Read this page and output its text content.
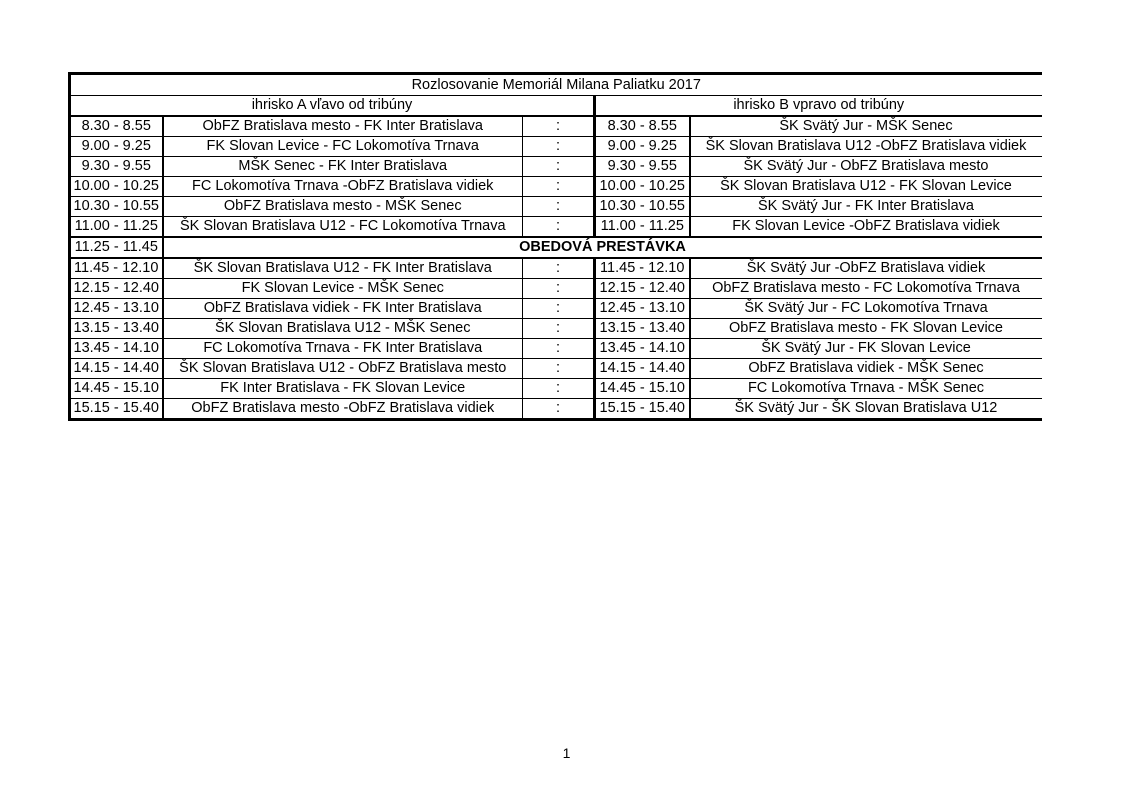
Rozlosovanie Memoriál Milana Paliatku 2017				
ihrisko A vľavo od tribúny			ihrisko B vpravo od tribúny	
8.30 - 8.55	ObFZ Bratislava mesto - FK Inter Bratislava	:	8.30 - 8.55	ŠK Svätý Jur - MŠK Senec
9.00 - 9.25	FK Slovan Levice - FC Lokomotíva Trnava	:	9.00 - 9.25	ŠK Slovan Bratislava U12 -ObFZ Bratislava vidiek
9.30 - 9.55	MŠK Senec - FK Inter Bratislava	:	9.30 - 9.55	ŠK Svätý Jur - ObFZ Bratislava mesto
10.00 - 10.25	FC Lokomotíva Trnava -ObFZ Bratislava vidiek	:	10.00 - 10.25	ŠK Slovan Bratislava U12 - FK Slovan Levice
10.30 - 10.55	ObFZ Bratislava mesto - MŠK Senec	:	10.30 - 10.55	ŠK Svätý Jur - FK Inter Bratislava
11.00 - 11.25	ŠK Slovan Bratislava U12 - FC Lokomotíva Trnava	:	11.00 - 11.25	FK Slovan Levice -ObFZ Bratislava vidiek
11.25 - 11.45	OBEDOVÁ PRESTÁVKA			
11.45 - 12.10	ŠK Slovan Bratislava U12 - FK Inter Bratislava	:	11.45 - 12.10	ŠK Svätý Jur -ObFZ Bratislava vidiek
12.15 - 12.40	FK Slovan Levice - MŠK Senec	:	12.15 - 12.40	ObFZ Bratislava mesto - FC Lokomotíva Trnava
12.45 - 13.10	ObFZ Bratislava vidiek - FK Inter Bratislava	:	12.45 - 13.10	ŠK Svätý Jur - FC Lokomotíva Trnava
13.15 - 13.40	ŠK Slovan Bratislava U12 - MŠK Senec	:	13.15 - 13.40	ObFZ Bratislava mesto - FK Slovan Levice
13.45 - 14.10	FC Lokomotíva Trnava - FK Inter Bratislava	:	13.45 - 14.10	ŠK Svätý Jur - FK Slovan Levice
14.15 - 14.40	ŠK Slovan Bratislava U12 - ObFZ Bratislava mesto	:	14.15 - 14.40	ObFZ Bratislava vidiek - MŠK Senec
14.45 - 15.10	FK Inter Bratislava - FK Slovan Levice	:	14.45 - 15.10	FC Lokomotíva Trnava - MŠK Senec
15.15 - 15.40	ObFZ Bratislava mesto -ObFZ Bratislava vidiek	:	15.15 - 15.40	ŠK Svätý Jur - ŠK Slovan Bratislava U12
1
